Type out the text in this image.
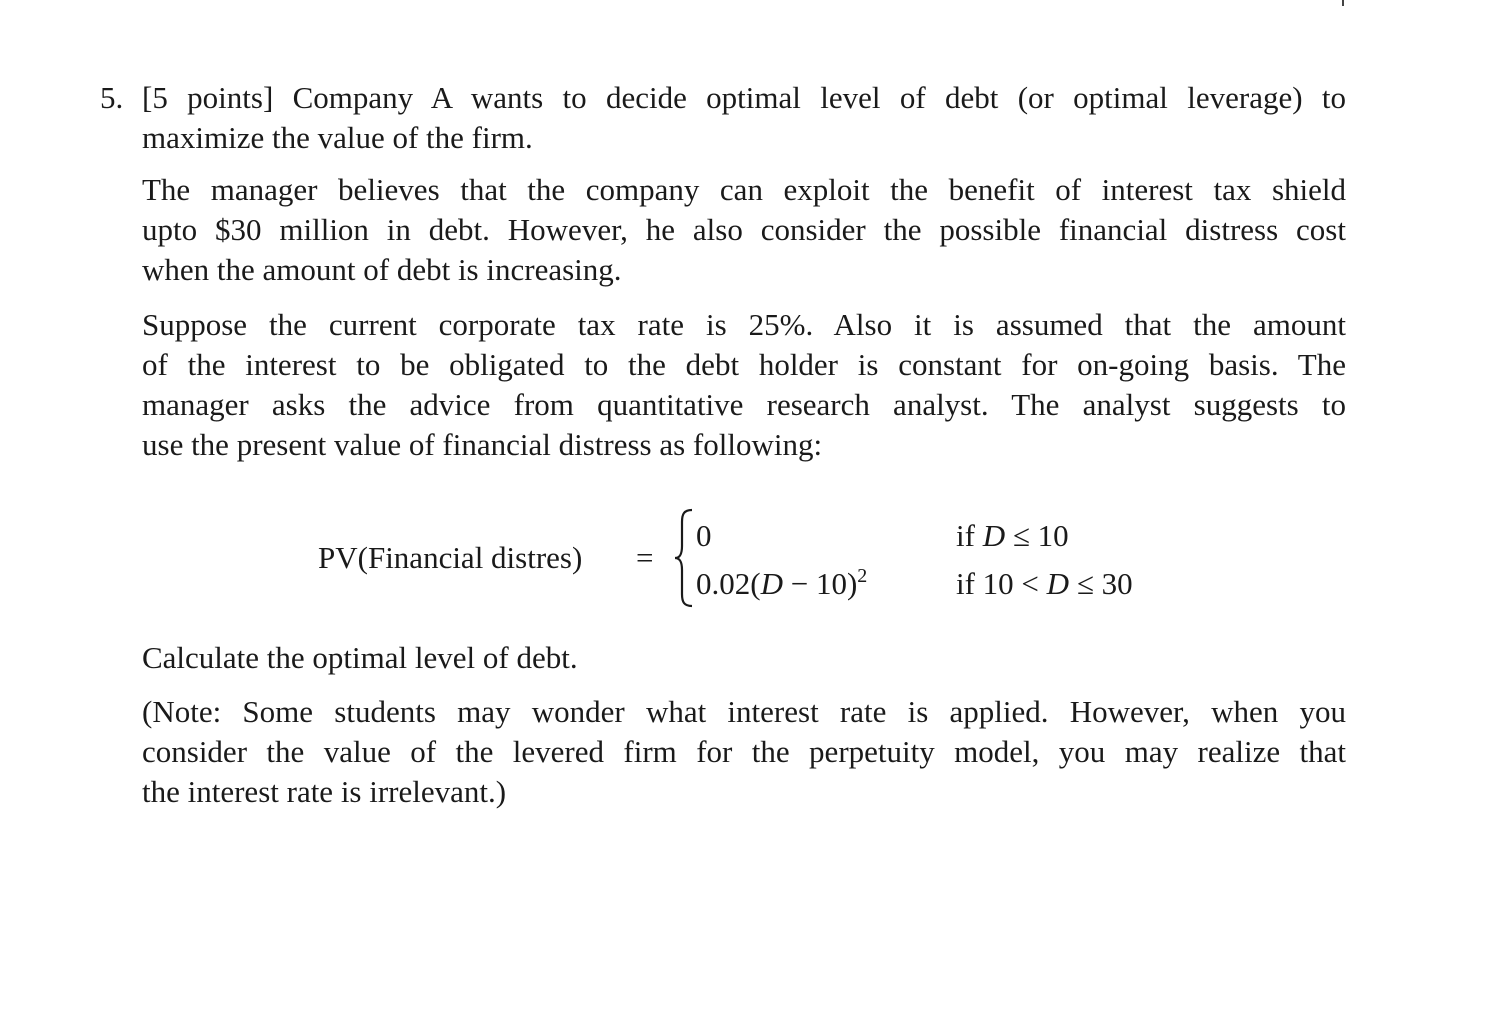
5. [5 points] Company A wants to decide optimal level of debt (or optimal leverage) to
maximize the value of the firm.
The manager believes that the company can exploit the benefit of interest tax shield
upto $30 million in debt. However, he also consider the possible financial distress cost
when the amount of debt is increasing.
Suppose the current corporate tax rate is 25%. Also it is assumed that the amount
of the interest to be obligated to the debt holder is constant for on-going basis. The
manager asks the advice from quantitative research analyst. The analyst suggests to
use the present value of financial distress as following:
PV(Financial distres) =
0
$0.02(D - 10)^2$
if D ≤ 10
if 10 < D ≤ 30
Calculate the optimal level of debt.
(Note: Some students may wonder what interest rate is applied. However, when you
consider the value of the levered firm for the perpetuity model, you may realize that
the interest rate is irrelevant.)
